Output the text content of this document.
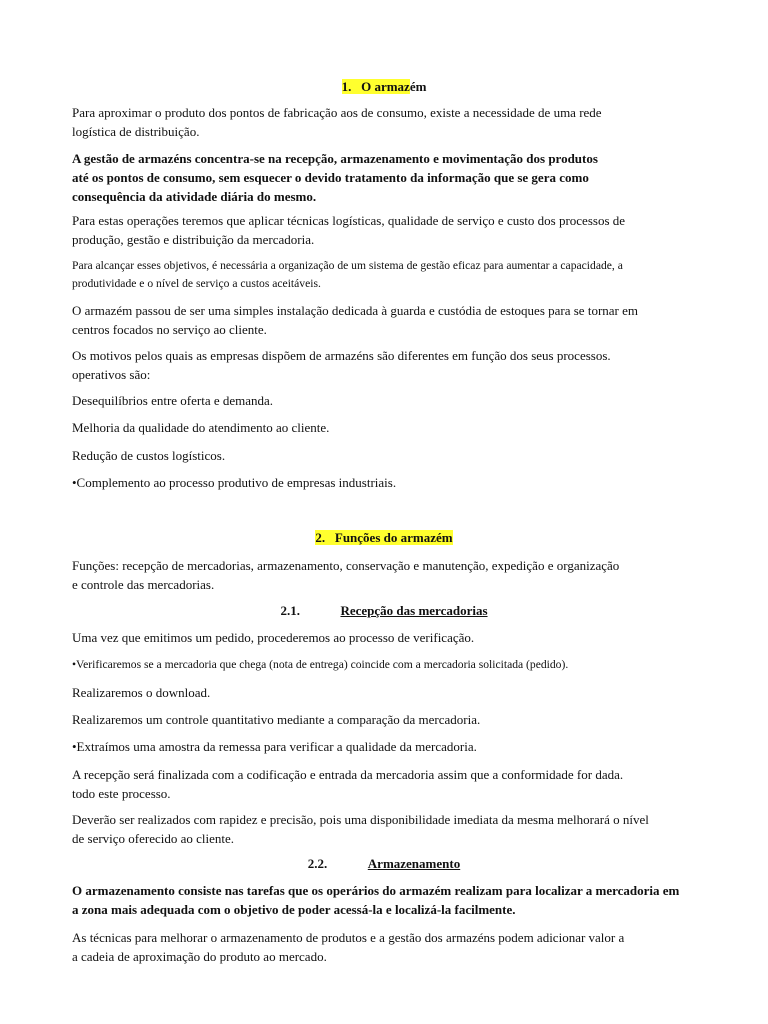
1. O armazém

Para aproximar o produto dos pontos de fabricação aos de consumo, existe a necessidade de uma rede
logística de distribuição.

A gestão de armazéns concentra-se na recepção, armazenamento e movimentação dos produtos
até os pontos de consumo, sem esquecer o devido tratamento da informação que se gera como
consequência da atividade diária do mesmo.

Para estas operações teremos que aplicar técnicas logísticas, qualidade de serviço e custo dos processos de
produção, gestão e distribuição da mercadoria.

Para alcançar esses objetivos, é necessária a organização de um sistema de gestão eficaz para aumentar a capacidade, a
produtividade e o nível de serviço a custos aceitáveis.

O armazém passou de ser uma simples instalação dedicada à guarda e custódia de estoques para se tornar em
centros focados no serviço ao cliente.

Os motivos pelos quais as empresas dispõem de armazéns são diferentes em função dos seus processos.
operativos são:

Desequilíbrios entre oferta e demanda.

Melhoria da qualidade do atendimento ao cliente.

Redução de custos logísticos.

•Complemento ao processo produtivo de empresas industriais.

2. Funções do armazém

Funções: recepção de mercadorias, armazenamento, conservação e manutenção, expedição e organização
e controle das mercadorias.

2.1.	Recepção das mercadorias

Uma vez que emitimos um pedido, procederemos ao processo de verificação.

•Verificaremos se a mercadoria que chega (nota de entrega) coincide com a mercadoria solicitada (pedido).

Realizaremos o download.

Realizaremos um controle quantitativo mediante a comparação da mercadoria.

•Extraímos uma amostra da remessa para verificar a qualidade da mercadoria.

A recepção será finalizada com a codificação e entrada da mercadoria assim que a conformidade for dada.
todo este processo.

Deverão ser realizados com rapidez e precisão, pois uma disponibilidade imediata da mesma melhorará o nível
de serviço oferecido ao cliente.

2.2.	Armazenamento

O armazenamento consiste nas tarefas que os operários do armazém realizam para localizar a mercadoria em
a zona mais adequada com o objetivo de poder acessá-la e localizá-la facilmente.

As técnicas para melhorar o armazenamento de produtos e a gestão dos armazéns podem adicionar valor a
a cadeia de aproximação do produto ao mercado.
